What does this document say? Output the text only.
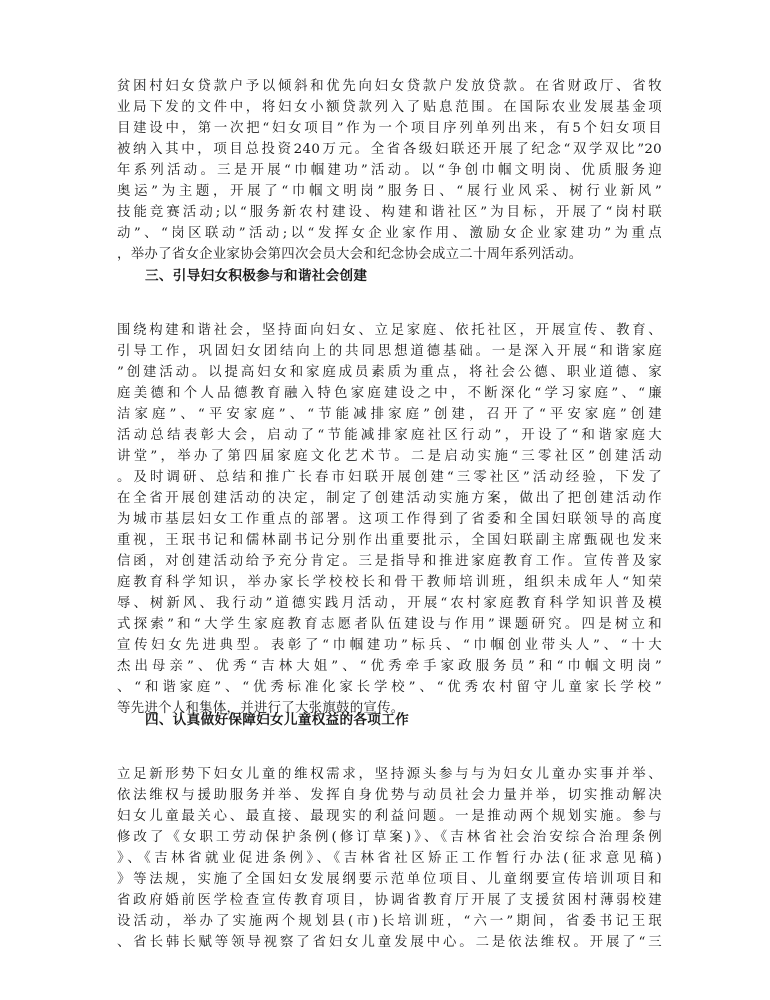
贫困村妇女贷款户予以倾斜和优先向妇女贷款户发放贷款。在省财政厅、省牧
业局下发的文件中，将妇女小额贷款列入了贴息范围。在国际农业发展基金项
目建设中，第一次把“妇女项目”作为一个项目序列单列出来，有5个妇女项目
被纳入其中，项目总投资240万元。全省各级妇联还开展了纪念“双学双比”20
年系列活动。三是开展“巾帼建功”活动。以“争创巾帼文明岗、优质服务迎
奥运”为主题，开展了“巾帼文明岗”服务日、“展行业风采、树行业新风”
技能竞赛活动;以“服务新农村建设、构建和谐社区”为目标，开展了“岗村联
动”、“岗区联动”活动;以“发挥女企业家作用、激励女企业家建功”为重点
，举办了省女企业家协会第四次会员大会和纪念协会成立二十周年系列活动。
三、引导妇女积极参与和谐社会创建
围绕构建和谐社会，坚持面向妇女、立足家庭、依托社区，开展宣传、教育、
引导工作，巩固妇女团结向上的共同思想道德基础。一是深入开展“和谐家庭
”创建活动。以提高妇女和家庭成员素质为重点，将社会公德、职业道德、家
庭美德和个人品德教育融入特色家庭建设之中，不断深化“学习家庭”、“廉
洁家庭”、“平安家庭”、“节能减排家庭”创建，召开了“平安家庭”创建
活动总结表彰大会，启动了“节能减排家庭社区行动”，开设了“和谐家庭大
讲堂”，举办了第四届家庭文化艺术节。二是启动实施“三零社区”创建活动
。及时调研、总结和推广长春市妇联开展创建“三零社区”活动经验，下发了
在全省开展创建活动的决定，制定了创建活动实施方案，做出了把创建活动作
为城市基层妇女工作重点的部署。这项工作得到了省委和全国妇联领导的高度
重视，王珉书记和儒林副书记分别作出重要批示，全国妇联副主席甄砚也发来
信函，对创建活动给予充分肯定。三是指导和推进家庭教育工作。宣传普及家
庭教育科学知识，举办家长学校校长和骨干教师培训班，组织未成年人“知荣
辱、树新风、我行动”道德实践月活动，开展“农村家庭教育科学知识普及模
式探索”和“大学生家庭教育志愿者队伍建设与作用”课题研究。四是树立和
宣传妇女先进典型。表彰了“巾帼建功”标兵、“巾帼创业带头人”、“十大
杰出母亲”、优秀“吉林大姐”、“优秀牵手家政服务员”和“巾帼文明岗”
、“和谐家庭”、“优秀标准化家长学校”、“优秀农村留守儿童家长学校”
等先进个人和集体，并进行了大张旗鼓的宣传。
四、认真做好保障妇女儿童权益的各项工作
立足新形势下妇女儿童的维权需求，坚持源头参与与为妇女儿童办实事并举、
依法维权与援助服务并举、发挥自身优势与动员社会力量并举，切实推动解决
妇女儿童最关心、最直接、最现实的利益问题。一是推动两个规划实施。参与
修改了《女职工劳动保护条例(修订草案)》、《吉林省社会治安综合治理条例
》、《吉林省就业促进条例》、《吉林省社区矫正工作暂行办法(征求意见稿)
》等法规，实施了全国妇女发展纲要示范单位项目、儿童纲要宣传培训项目和
省政府婚前医学检查宣传教育项目，协调省教育厅开展了支援贫困村薄弱校建
设活动，举办了实施两个规划县(市)长培训班，“六一”期间，省委书记王珉
、省长韩长赋等领导视察了省妇女儿童发展中心。二是依法维权。开展了“三
